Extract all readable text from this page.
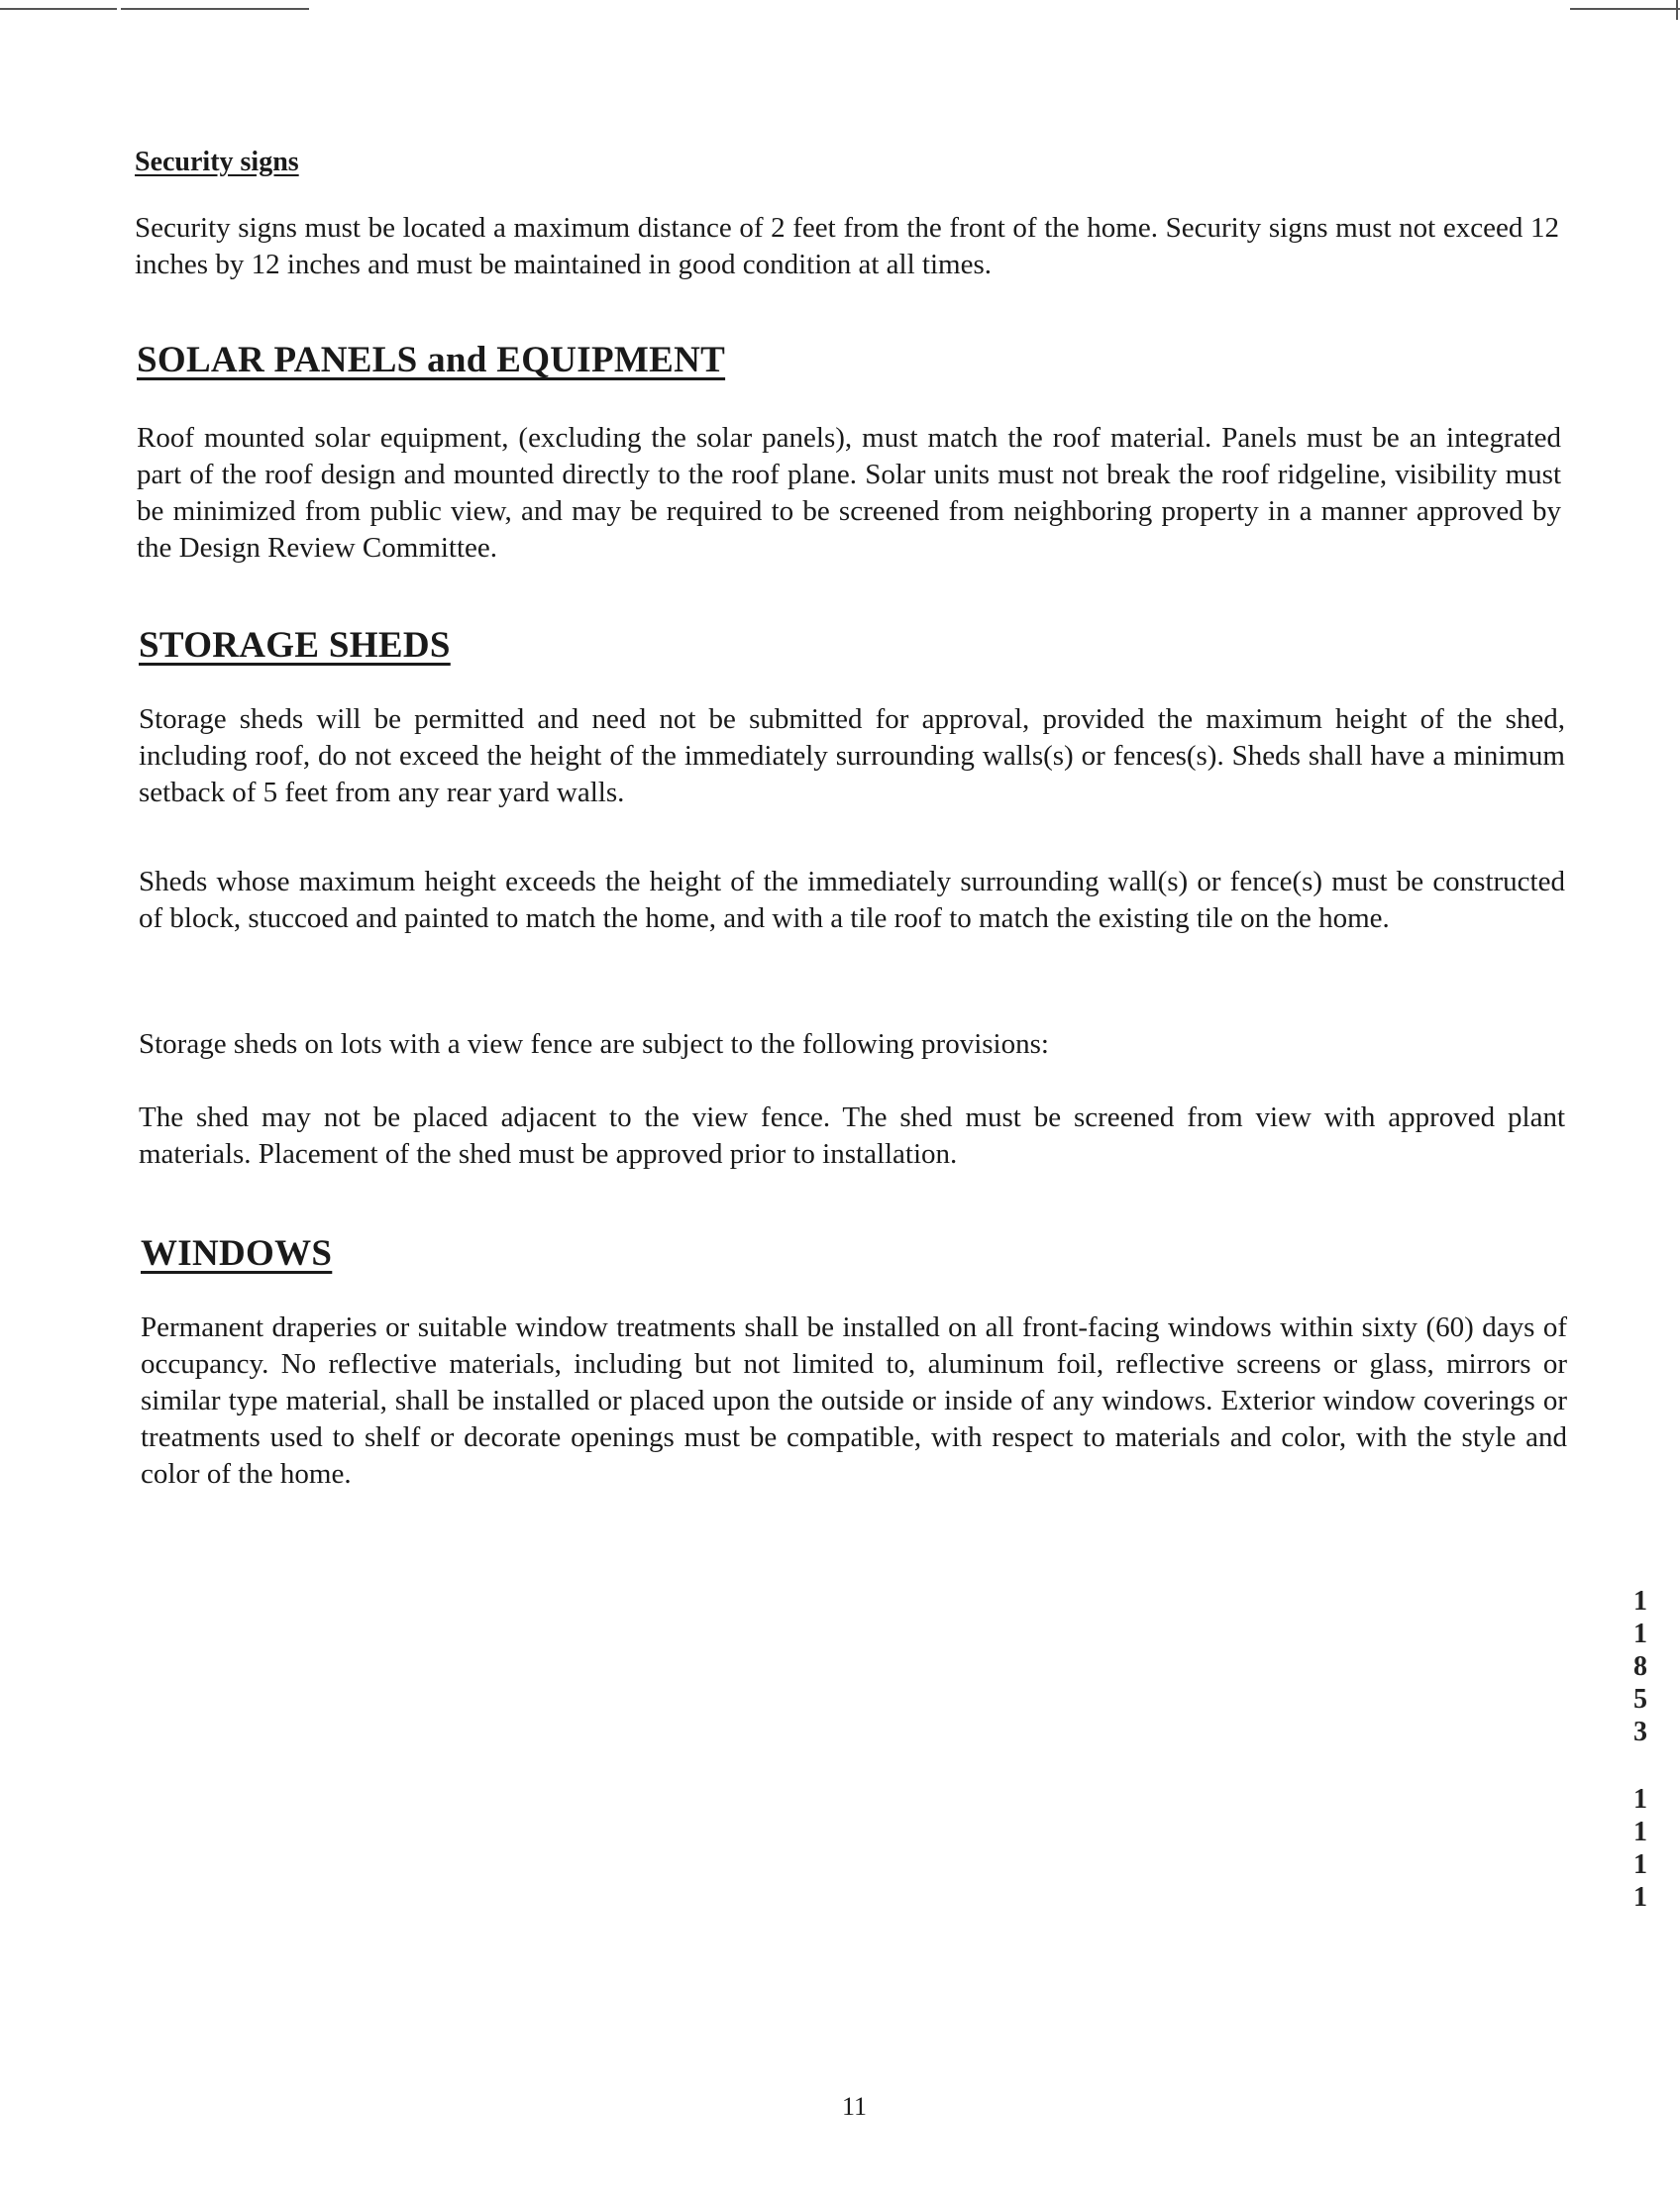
Security signs

Security signs must be located a maximum distance of 2 feet from the front of the home. Security signs must not exceed 12 inches by 12 inches and must be maintained in good condition at all times.

SOLAR PANELS and EQUIPMENT

Roof mounted solar equipment, (excluding the solar panels), must match the roof material. Panels must be an integrated part of the roof design and mounted directly to the roof plane. Solar units must not break the roof ridgeline, visibility must be minimized from public view, and may be required to be screened from neighboring property in a manner approved by the Design Review Committee.

STORAGE SHEDS

Storage sheds will be permitted and need not be submitted for approval, provided the maximum height of the shed, including roof, do not exceed the height of the immediately surrounding walls(s) or fences(s). Sheds shall have a minimum setback of 5 feet from any rear yard walls.

Sheds whose maximum height exceeds the height of the immediately surrounding wall(s) or fence(s) must be constructed of block, stuccoed and painted to match the home, and with a tile roof to match the existing tile on the home.

Storage sheds on lots with a view fence are subject to the following provisions:

The shed may not be placed adjacent to the view fence. The shed must be screened from view with approved plant materials. Placement of the shed must be approved prior to installation.

WINDOWS

Permanent draperies or suitable window treatments shall be installed on all front-facing windows within sixty (60) days of occupancy. No reflective materials, including but not limited to, aluminum foil, reflective screens or glass, mirrors or similar type material, shall be installed or placed upon the outside or inside of any windows. Exterior window coverings or treatments used to shelf or decorate openings must be compatible, with respect to materials and color, with the style and color of the home.

1
1
8
5
3
1
1
1
1
11
